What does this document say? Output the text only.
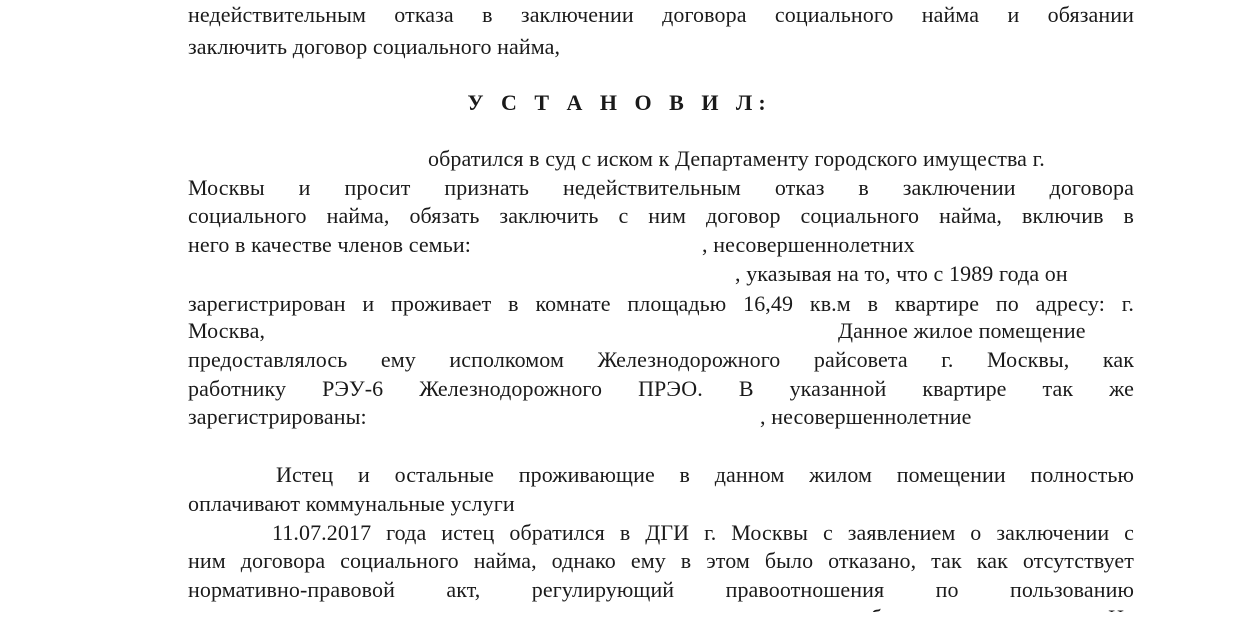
недействительным отказа в заключении договора социального найма и обязании
заключить договор социального найма,
У С Т А Н О В И Л:
обратился в суд с иском к Департаменту городского имущества г.
Москвы и просит признать недействительным отказ в заключении договора
социального найма, обязать заключить с ним договор социального найма, включив в
него в качестве членов семьи:	, несовершеннолетних
, указывая на то, что с 1989 года он
зарегистрирован и проживает в комнате площадью 16,49 кв.м в квартире по адресу: г.
Москва,	Данное жилое помещение
предоставлялось ему исполкомом Железнодорожного райсовета г. Москвы, как
работнику РЭУ-6 Железнодорожного ПРЭО. В указанной квартире так же
зарегистрированы:	, несовершеннолетние
Истец и остальные проживающие в данном жилом помещении полностью
оплачивают коммунальные услуги
11.07.2017 года истец обратился в ДГИ г. Москвы с заявлением о заключении с
ним договора социального найма, однако ему в этом было отказано, так как отсутствует
нормативно-правовой акт, регулирующий правоотношения по пользованию
